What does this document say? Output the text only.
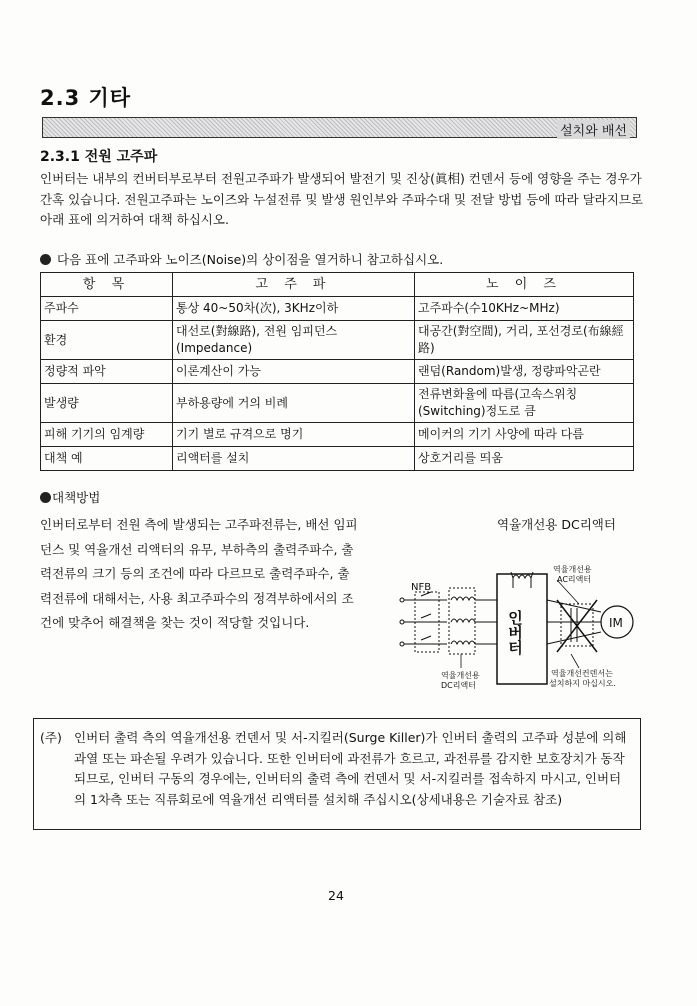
2.3 기타
설치와 배선
2.3.1 전원 고주파
인버터는 내부의 컨버터부로부터 전원고주파가 발생되어 발전기 및 진상(眞相) 컨덴서 등에 영향을 주는 경우가 간혹 있습니다. 전원고주파는 노이즈와 누설전류 및 발생 원인부와 주파수대 및 전달 방법 등에 따라 달라지므로 아래 표에 의거하여 대책 하십시오.
다음 표에 고주파와 노이즈(Noise)의 상이점을 열거하니 참고하십시오.
항 목	고 주 파	노 이 즈
주파수	통상 40~50차(次), 3KHz이하	고주파수(수10KHz~MHz)
환경	대선로(對線路), 전원 임피던스 (Impedance)	대공간(對空間), 거리, 포선경로(布線經路)
정량적 파악	이론계산이 가능	랜덤(Random)발생, 정량파악곤란
발생량	부하용량에 거의 비례	전류변화율에 따름(고속스위칭 (Switching)정도로 큼
피해 기기의 임계량	기기 별로 규격으로 명기	메이커의 기기 사양에 따라 다름
대책 예	리액터를 설치	상호거리를 띄움
대책방법
인버터로부터 전원 측에 발생되는 고주파전류는, 배선 임피던스 및 역율개선 리액터의 유무, 부하측의 출력주파수, 출력전류의 크기 등의 조건에 따라 다르므로 출력주파수, 출력전류에 대해서는, 사용 최고주파수의 정격부하에서의 조건에 맞추어 해결책을 찾는 것이 적당할 것입니다.
역율개선용 DC리액터
NFB
인버터	IM
역율개선용
AC리액터
역율개선용
DC리액터
역율개선컨덴서는
설치하지 마십시오.
(주) 인버터 출력 측의 역율개선용 컨덴서 및 서-지킬러(Surge Killer)가 인버터 출력의 고주파 성분에 의해 과열 또는 파손될 우려가 있습니다. 또한 인버터에 과전류가 흐르고, 과전류를 감지한 보호장치가 동작되므로, 인버터 구동의 경우에는, 인버터의 출력 측에 컨덴서 및 서-지킬러를 접속하지 마시고, 인버터의 1차측 또는 직류회로에 역율개선 리액터를 설치해 주십시오(상세내용은 기술자료 참조)
24
